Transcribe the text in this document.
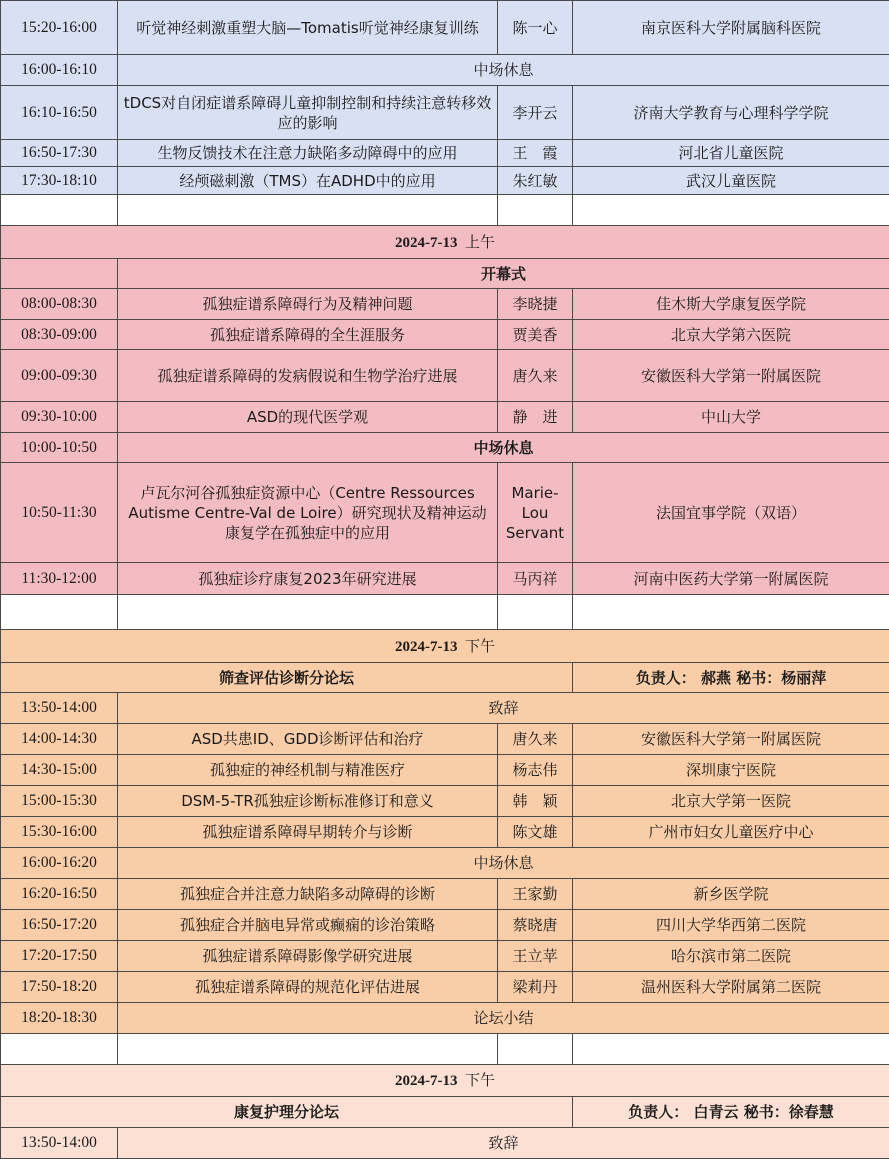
15:20-16:00	听觉神经刺激重塑大脑—Tomatis听觉神经康复训练	陈一心	南京医科大学附属脑科医院
16:00-16:10	中场休息		
16:10-16:50	tDCS对自闭症谱系障碍儿童抑制控制和持续注意转移效应的影响	李开云	济南大学教育与心理科学学院
16:50-17:30	生物反馈技术在注意力缺陷多动障碍中的应用	王　霞	河北省儿童医院
17:30-18:10	经颅磁刺激（TMS）在ADHD中的应用	朱红敏	武汉儿童医院

2024-7-13 上午			
	开幕式		
08:00-08:30	孤独症谱系障碍行为及精神问题	李晓捷	佳木斯大学康复医学院
08:30-09:00	孤独症谱系障碍的全生涯服务	贾美香	北京大学第六医院
09:00-09:30	孤独症谱系障碍的发病假说和生物学治疗进展	唐久来	安徽医科大学第一附属医院
09:30-10:00	ASD的现代医学观	静　进	中山大学
10:00-10:50	中场休息		
10:50-11:30	卢瓦尔河谷孤独症资源中心（Centre Ressources Autisme Centre-Val de Loire）研究现状及精神运动康复学在孤独症中的应用	Marie-Lou Servant	法国宜事学院（双语）
11:30-12:00	孤独症诊疗康复2023年研究进展	马丙祥	河南中医药大学第一附属医院

2024-7-13 下午			
筛查评估诊断分论坛			负责人： 郝燕 秘书：杨丽萍
13:50-14:00	致辞		
14:00-14:30	ASD共患ID、GDD诊断评估和治疗	唐久来	安徽医科大学第一附属医院
14:30-15:00	孤独症的神经机制与精准医疗	杨志伟	深圳康宁医院
15:00-15:30	DSM-5-TR孤独症诊断标准修订和意义	韩　颖	北京大学第一医院
15:30-16:00	孤独症谱系障碍早期转介与诊断	陈文雄	广州市妇女儿童医疗中心
16:00-16:20	中场休息		
16:20-16:50	孤独症合并注意力缺陷多动障碍的诊断	王家勤	新乡医学院
16:50-17:20	孤独症合并脑电异常或癫痫的诊治策略	蔡晓唐	四川大学华西第二医院
17:20-17:50	孤独症谱系障碍影像学研究进展	王立苹	哈尔滨市第二医院
17:50-18:20	孤独症谱系障碍的规范化评估进展	梁莉丹	温州医科大学附属第二医院
18:20-18:30	论坛小结		

2024-7-13 下午			
康复护理分论坛			负责人： 白青云 秘书：徐春慧
13:50-14:00	致辞		
